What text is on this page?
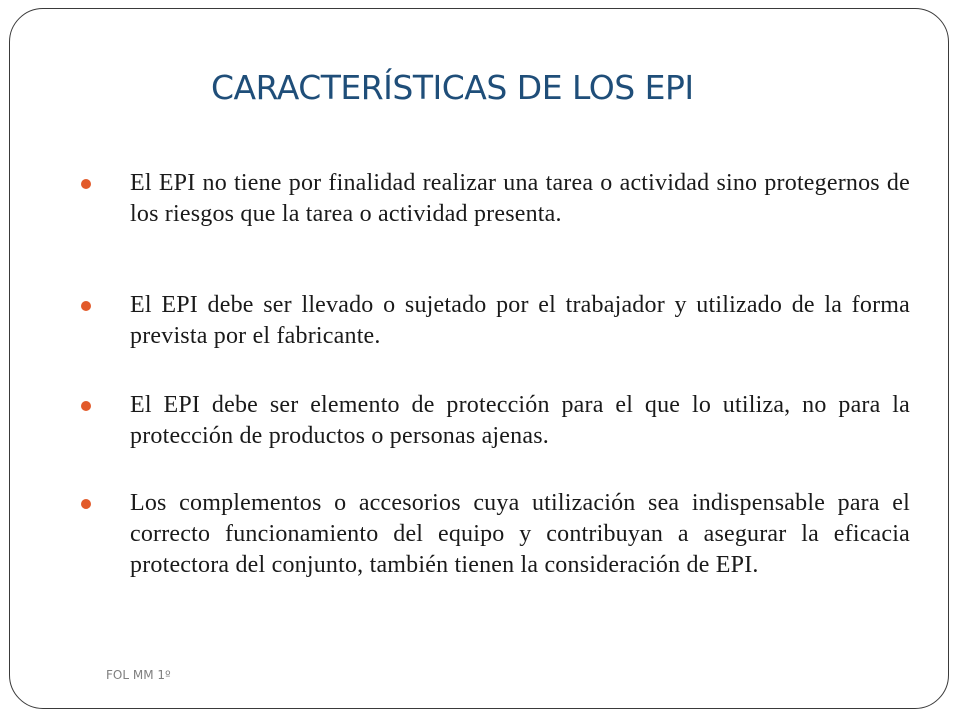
CARACTERÍSTICAS DE LOS EPI

El EPI no tiene por finalidad realizar una tarea o actividad sino protegernos de los riesgos que la tarea o actividad presenta.

El EPI debe ser llevado o sujetado por el trabajador y utilizado de la forma prevista por el fabricante.

El EPI debe ser elemento de protección para el que lo utiliza, no para la protección de productos o personas ajenas.

Los complementos o accesorios cuya utilización sea indispensable para el correcto funcionamiento del equipo y contribuyan a asegurar la eficacia protectora del conjunto, también tienen la consideración de EPI.

FOL MM 1º
